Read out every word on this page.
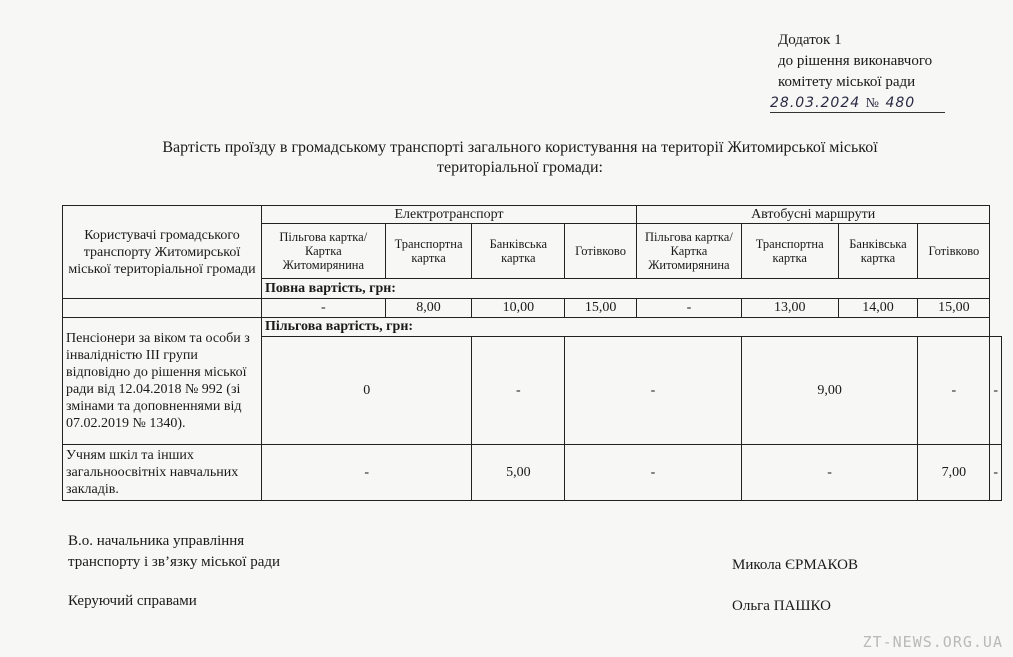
Додаток 1
до рішення виконавчого
комітету міської ради
28.03.2024 № 480
Вартість проїзду в громадському транспорті загального користування на території Житомирської міської
територіальної громади:
Користувачі громадського транспорту Житомирської міської територіальної громади	Електротранспорт				Автобусні маршрути				
	Пільгова картка/Картка Житомирянина	Транспортна картка	Банківська картка	Готівково	Пільгова картка/Картка Житомирянина	Транспортна картка	Банківська картка	Готівково	
	Повна вартість, грн:								
	-	8,00	10,00	15,00	-	13,00	14,00	15,00	
Пенсіонери за віком та особи з інвалідністю ІІІ групи відповідно до рішення міської ради від 12.04.2018 № 992 (зі змінами та доповненнями від 07.02.2019 № 1340).	Пільгова вартість, грн:								
	0		-	-		9,00		-	-
Учням шкіл та інших загальноосвітніх навчальних закладів.	-		5,00	-		-		7,00	-
В.о. начальника управління
транспорту і зв’язку міської ради	Микола ЄРМАКОВ
Керуючий справами	Ольга ПАШКО
ZT-NEWS.ORG.UA
